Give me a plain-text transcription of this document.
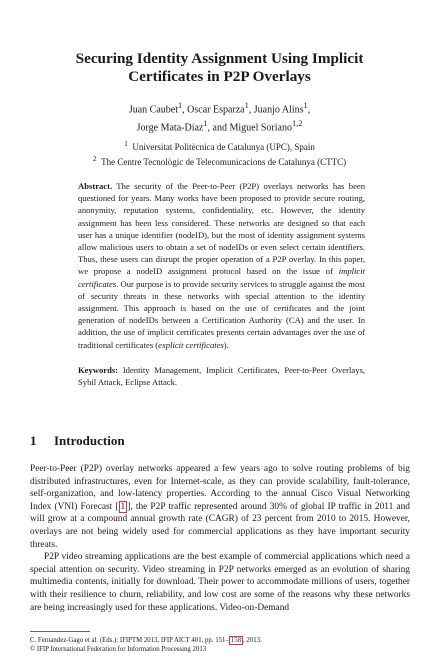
Securing Identity Assignment Using Implicit
Certificates in P2P Overlays
Juan Caubet$^1$, Oscar Esparza$^1$, Juanjo Alins$^1$,
Jorge Mata-Díaz$^1$, and Miguel Soriano$^{1,2}$
$^1$ Universitat Politècnica de Catalunya (UPC), Spain
$^2$ The Centre Tecnològic de Telecomunicacions de Catalunya (CTTC)
Abstract. The security of the Peer-to-Peer (P2P) overlays networks has been questioned for years. Many works have been proposed to provide secure routing, anonymity, reputation systems, confidentiality, etc. However, the identity assignment has been less considered. These networks are designed so that each user has a unique identifier (nodeID), but the most of identity assignment systems allow malicious users to obtain a set of nodeIDs or even select certain identifiers. Thus, these users can disrupt the proper operation of a P2P overlay. In this paper, we propose a nodeID assignment protocol based on the issue of implicit certificates. Our purpose is to provide security services to struggle against the most of security threats in these networks with special attention to the identity assignment. This approach is based on the use of certificates and the joint generation of nodeIDs between a Certification Authority (CA) and the user. In addition, the use of implicit certificates presents certain advantages over the use of traditional certificates (explicit certificates).
Keywords: Identity Management, Implicit Certificates, Peer-to-Peer Overlays, Sybil Attack, Eclipse Attack.
1 Introduction

Peer-to-Peer (P2P) overlay networks appeared a few years ago to solve routing problems of big distributed infrastructures, even for Internet-scale, as they can provide scalability, fault-tolerance, self-organization, and low-latency properties. According to the annual Cisco Visual Networking Index (VNI) Forecast [ 1 ], the P2P traffic represented around 30% of global IP traffic in 2011 and will grow at a compound annual growth rate (CAGR) of 23 percent from 2010 to 2015. However, overlays are not being widely used for commercial applications as they have important security threats.

P2P video streaming applications are the best example of commercial applications which need a special attention on security. Video streaming in P2P networks emerged as an evolution of sharing multimedia contents, initially for download. Their power to accommodate millions of users, together with their resilience to churn, reliability, and low cost are some of the reasons why these networks are being increasingly used for these applications. Video-on-Demand

C. Fernandez-Gago et al. (Eds.): IFIPTM 2013, IFIP AICT 401, pp. 151– 158 , 2013.
© IFIP International Federation for Information Processing 2013
